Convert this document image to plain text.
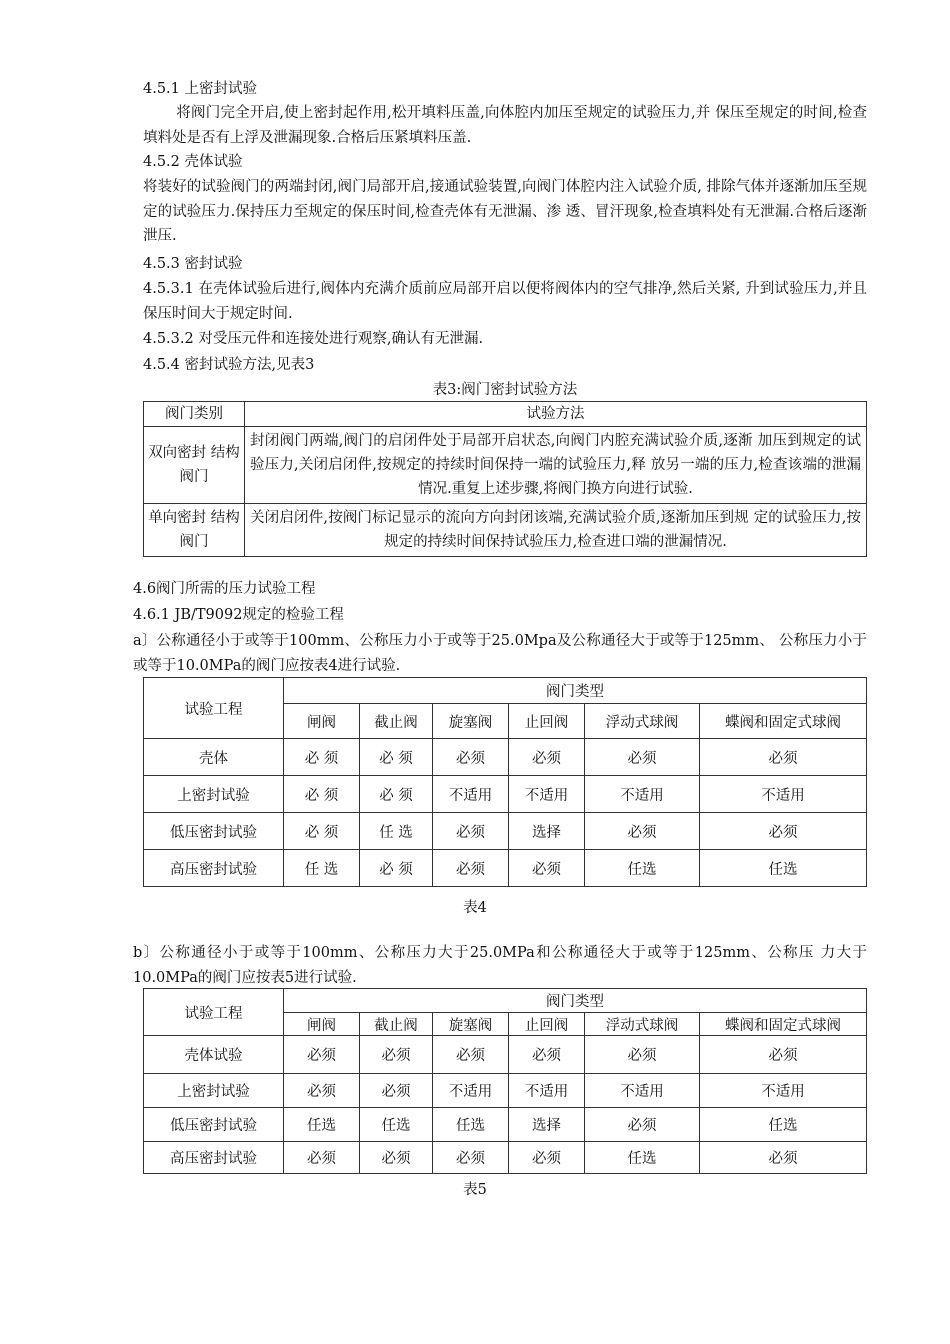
4.5.1 上密封试验
将阀门完全开启,使上密封起作用,松开填料压盖,向体腔内加压至规定的试验压力,并 保压至规定的时间,检查填料处是否有上浮及泄漏现象.合格后压紧填料压盖.
4.5.2 壳体试验
将装好的试验阀门的两端封闭,阀门局部开启,接通试验装置,向阀门体腔内注入试验介质, 排除气体并逐渐加压至规定的试验压力.保持压力至规定的保压时间,检查壳体有无泄漏、渗 透、冒汗现象,检查填料处有无泄漏.合格后逐渐泄压.
4.5.3 密封试验
4.5.3.1 在壳体试验后进行,阀体内充满介质前应局部开启以便将阀体内的空气排净,然后关紧, 升到试验压力,并且保压时间大于规定时间.
4.5.3.2 对受压元件和连接处进行观察,确认有无泄漏.
4.5.4 密封试验方法,见表3
表3:阀门密封试验方法
阀门类别	试验方法
双向密封 结构阀门	封闭阀门两端,阀门的启闭件处于局部开启状态,向阀门内腔充满试验介质,逐渐 加压到规定的试验压力,关闭启闭件,按规定的持续时间保持一端的试验压力,释 放另一端的压力,检查该端的泄漏情况.重复上述步骤,将阀门换方向进行试验.
单向密封 结构阀门	关闭启闭件,按阀门标记显示的流向方向封闭该端,充满试验介质,逐渐加压到规 定的试验压力,按规定的持续时间保持试验压力,检查进口端的泄漏情况.
4.6阀门所需的压力试验工程
4.6.1 JB/T9092规定的检验工程
a〕公称通径小于或等于100mm、公称压力小于或等于25.0Mpa及公称通径大于或等于125mm、 公称压力小于或等于10.0MPa的阀门应按表4进行试验.
试验工程	阀门类型					
	闸阀	截止阀	旋塞阀	止回阀	浮动式球阀	蝶阀和固定式球阀
壳体	必 须	必 须	必须	必须	必须	必须
上密封试验	必 须	必 须	不适用	不适用	不适用	不适用
低压密封试验	必 须	任 选	必须	选择	必须	必须
高压密封试验	任 选	必 须	必须	必须	任选	任选
表4
b〕公称通径小于或等于100mm、公称压力大于25.0MPa和公称通径大于或等于125mm、公称压 力大于10.0MPa的阀门应按表5进行试验.
试验工程	阀门类型					
	闸阀	截止阀	旋塞阀	止回阀	浮动式球阀	蝶阀和固定式球阀
壳体试验	必须	必须	必须	必须	必须	必须
上密封试验	必须	必须	不适用	不适用	不适用	不适用
低压密封试验	任选	任选	任选	选择	必须	任选
高压密封试验	必须	必须	必须	必须	任选	必须
表5
